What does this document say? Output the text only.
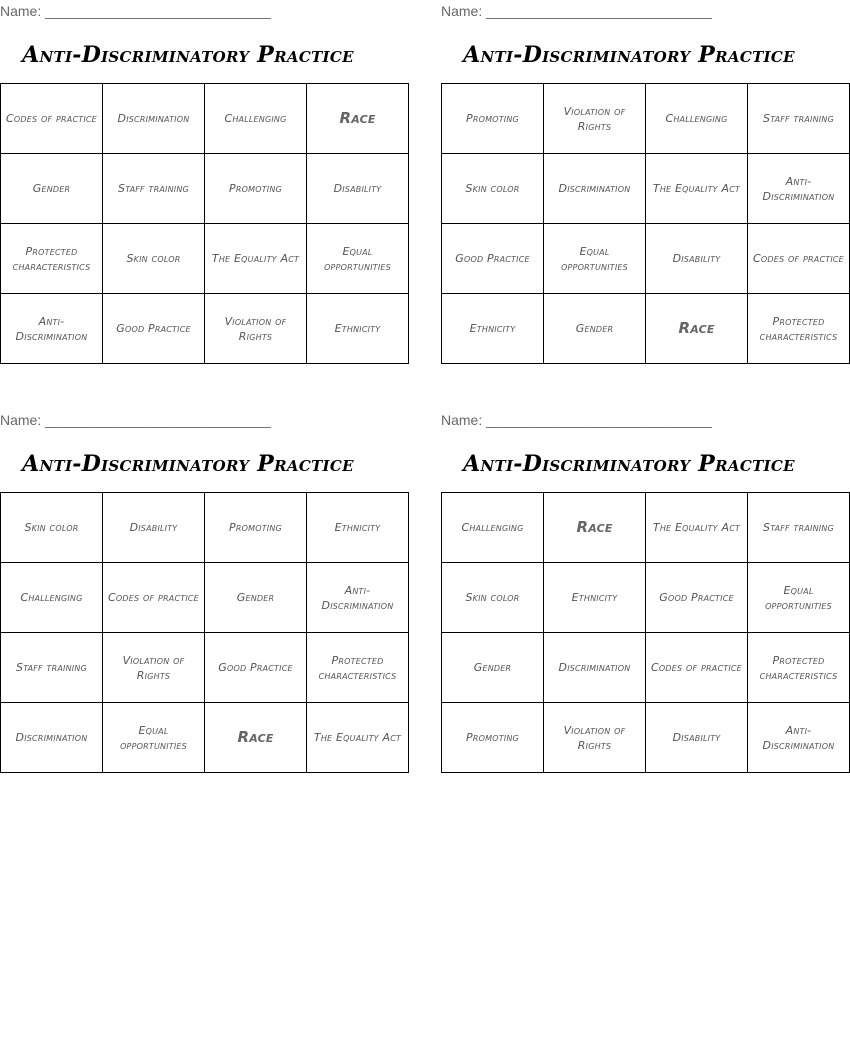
Name: _____________________________
Anti-Discriminatory Practice
Codes of practice	Discrimination	Challenging	Race
Gender	Staff training	Promoting	Disability
Protected characteristics	Skin color	The Equality Act	Equal opportunities
Anti-Discrimination	Good Practice	Violation of Rights	Ethnicity
Name: _____________________________
Anti-Discriminatory Practice
Promoting	Violation of Rights	Challenging	Staff training
Skin color	Discrimination	The Equality Act	Anti-Discrimination
Good Practice	Equal opportunities	Disability	Codes of practice
Ethnicity	Gender	Race	Protected characteristics
Name: _____________________________
Anti-Discriminatory Practice
Skin color	Disability	Promoting	Ethnicity
Challenging	Codes of practice	Gender	Anti-Discrimination
Staff training	Violation of Rights	Good Practice	Protected characteristics
Discrimination	Equal opportunities	Race	The Equality Act
Name: _____________________________
Anti-Discriminatory Practice
Challenging	Race	The Equality Act	Staff training
Skin color	Ethnicity	Good Practice	Equal opportunities
Gender	Discrimination	Codes of practice	Protected characteristics
Promoting	Violation of Rights	Disability	Anti-Discrimination
